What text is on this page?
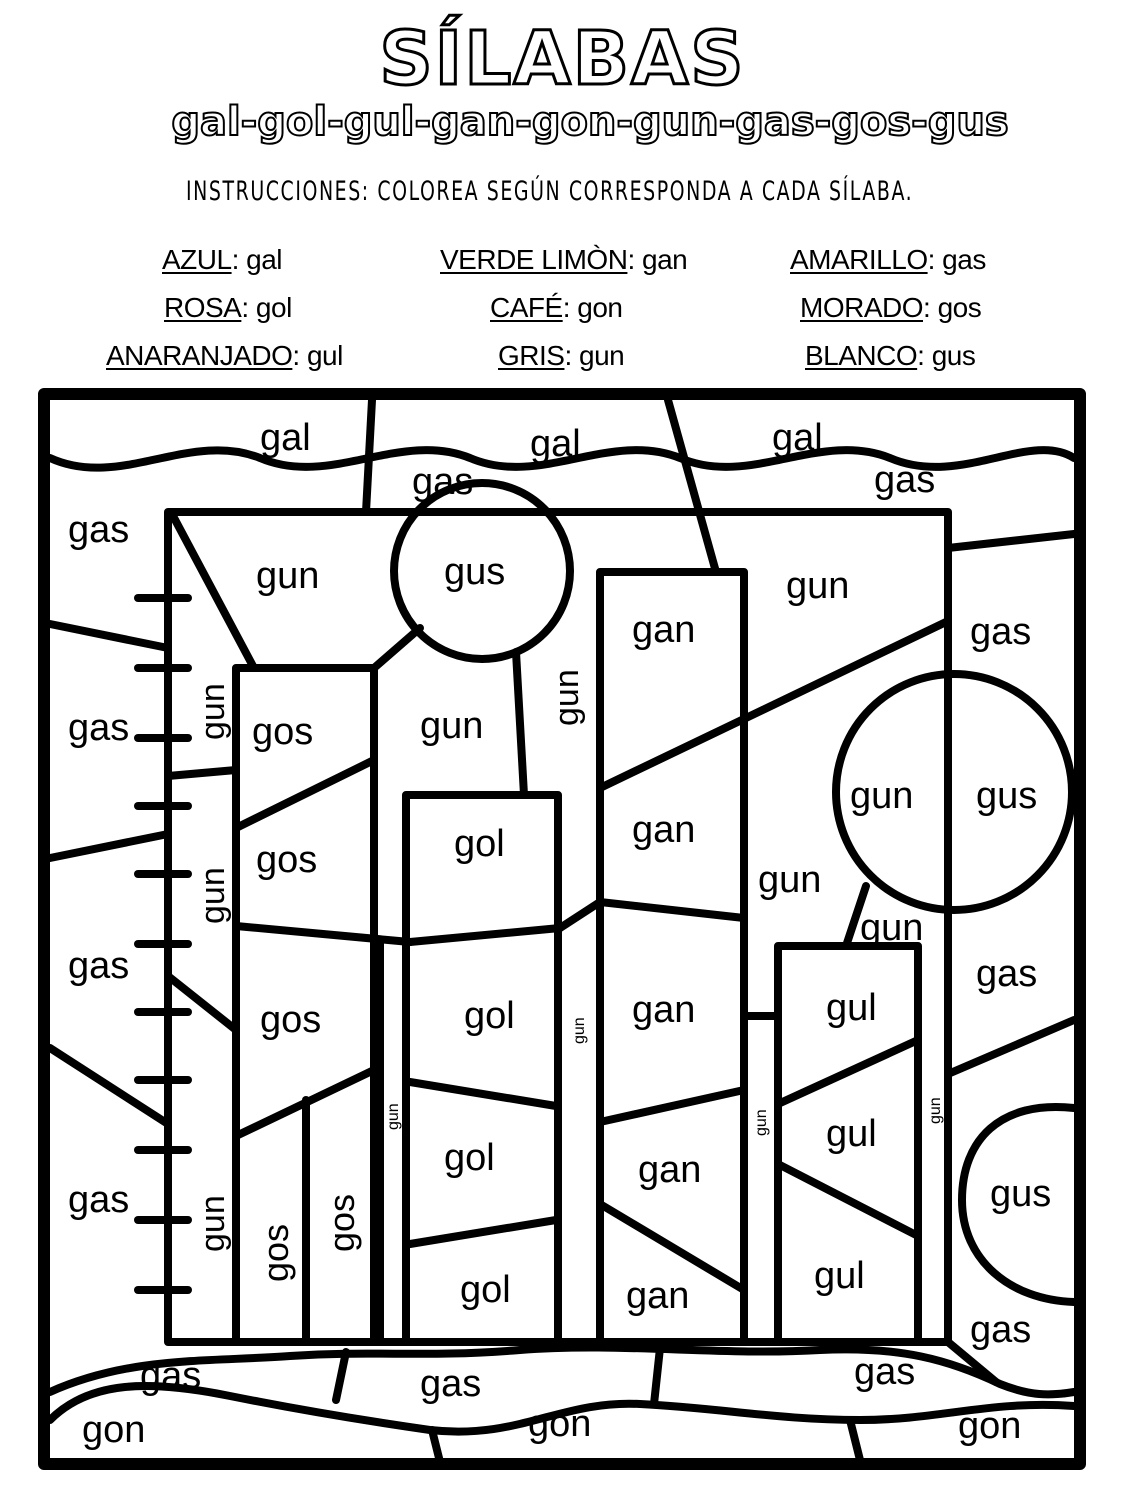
SÍLABAS
gal-gol-gul-gan-gon-gun-gas-gos-gus
INSTRUCCIONES: COLOREA SEGÚN CORRESPONDA A CADA SÍLABA.
AZUL: gal	VERDE LIMÒN: gan	AMARILLO: gas
ROSA: gol	CAFÉ: gon	MORADO: gos
ANARANJADO: gul	GRIS: gun	BLANCO: gus
gal	gal	gal
gas	gas
gas
gun	gus
gan
gun
gas
gas	gos	gun
gun gus
gan
gos	gol
gun
gun
gas	gas
gos	gol	gan	gul
gul
gol	gan
gas	gus
gul
gol	gan
gas
gas	gas	gas
gon	gon	gon
gun
gun
gun
gun
gos
gos
gun
gun
gun	gun
